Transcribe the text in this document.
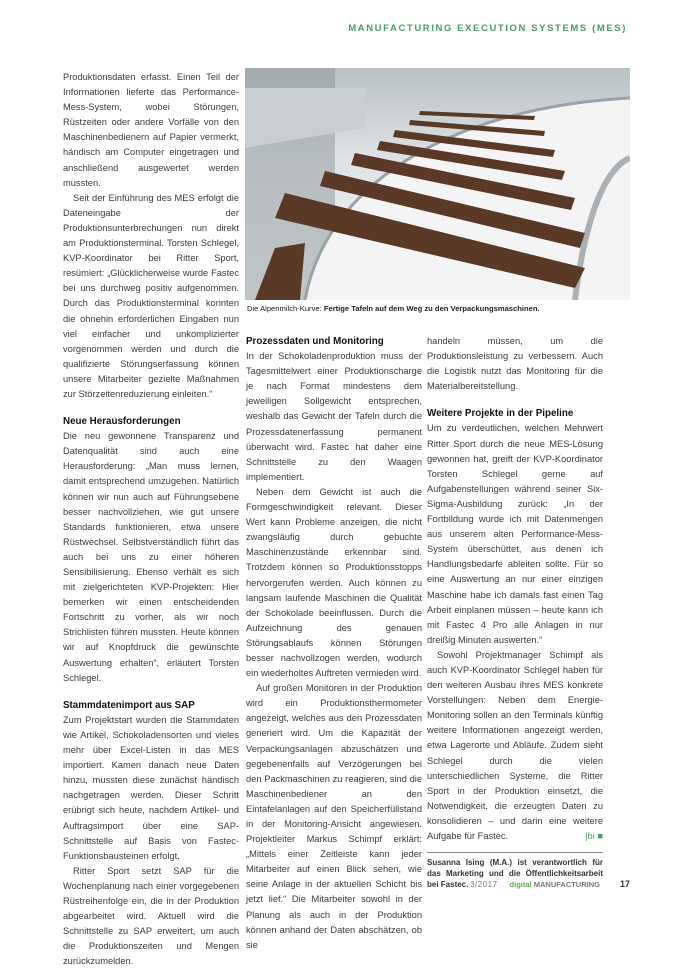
MANUFACTURING EXECUTION SYSTEMS (MES)
Die Alpenmilch-Kurve: Fertige Tafeln auf dem Weg zu den Verpackungsmaschinen.

Produktionsdaten erfasst. Einen Teil der Informationen lieferte das Performance-Mess-System, wobei Störungen, Rüstzeiten oder andere Vorfälle von den Maschinenbedienern auf Papier vermerkt, händisch am Computer eingetragen und anschließend ausgewertet werden mussten.

Seit der Einführung des MES erfolgt die Dateneingabe der Produktionsunterbrechungen nun direkt am Produktionsterminal. Torsten Schlegel, KVP-Koordinator bei Ritter Sport, resümiert: „Glücklicherweise wurde Fastec bei uns durchweg positiv aufgenommen. Durch das Produktionsterminal konnten die ohnehin erforderlichen Eingaben nun viel einfacher und unkomplizierter vorgenommen werden und durch die qualifizierte Störungserfassung können unsere Mitarbeiter gezielte Maßnahmen zur Störzeitenreduzierung einleiten.“

Neue Herausforderungen

Die neu gewonnene Transparenz und Datenqualität sind auch eine Herausforderung: „Man muss lernen, damit entsprechend umzugehen. Natürlich können wir nun auch auf Führungsebene besser nachvollziehen, wie gut unsere Standards funktionieren, etwa unsere Rüstwechsel. Selbstverständlich führt das auch bei uns zu einer höheren Sensibilisierung. Ebenso verhält es sich mit zielgerichteten KVP-Projekten: Hier bemerken wir einen entscheidenden Fortschritt zu vorher, als wir noch Strichlisten führen mussten. Heute können wir auf Knopfdruck die gewünschte Auswertung erhalten“, erläutert Torsten Schlegel.

Stammdatenimport aus SAP

Zum Projektstart wurden die Stammdaten wie Artikel, Schokoladensorten und vieles mehr über Excel-Listen in das MES importiert. Kamen danach neue Daten hinzu, mussten diese zunächst händisch nachgetragen werden. Dieser Schritt erübrigt sich heute, nachdem Artikel- und Auftragsimport über eine SAP-Schnittstelle auf Basis von Fastec-Funktionsbausteinen erfolgt.

Ritter Sport setzt SAP für die Wochenplanung nach einer vorgegebenen Rüstreihenfolge ein, die in der Produktion abgearbeitet wird. Aktuell wird die Schnittstelle zu SAP erweitert, um auch die Produktionszeiten und Mengen zurückzumelden.

Prozessdaten und Monitoring

In der Schokoladenproduktion muss der Tagesmittelwert einer Produktionscharge je nach Format mindestens dem jeweiligen Sollgewicht entsprechen, weshalb das Gewicht der Tafeln durch die Prozessdatenerfassung permanent überwacht wird. Fastec hat daher eine Schnittstelle zu den Waagen implementiert.

Neben dem Gewicht ist auch die Formgeschwindigkeit relevant. Dieser Wert kann Probleme anzeigen, die nicht zwangsläufig durch gebuchte Maschinenzustände erkennbar sind. Trotzdem können so Produktionsstopps hervorgerufen werden. Auch können zu langsam laufende Maschinen die Qualität der Schokolade beeinflussen. Durch die Aufzeichnung des genauen Störungsablaufs können Störungen besser nachvollzogen werden, wodurch ein wiederholtes Auftreten vermieden wird.

Auf großen Monitoren in der Produktion wird ein Produktionsthermometer angezeigt, welches aus den Prozessdaten generiert wird. Um die Kapazität der Verpackungsanlagen abzuschätzen und gegebenenfalls auf Verzögerungen bei den Packmaschinen zu reagieren, sind die Maschinenbediener an den Eintafelanlagen auf den Speicherfüllstand in der Monitoring-Ansicht angewiesen. Projektleiter Markus Schimpf erklärt: „Mittels einer Zeitleiste kann jeder Mitarbeiter auf einen Blick sehen, wie seine Anlage in der aktuellen Schicht bis jetzt lief.“ Die Mitarbeiter sowohl in der Planung als auch in der Produktion können anhand der Daten abschätzen, ob sie

handeln müssen, um die Produktionsleistung zu verbessern. Auch die Logistik nutzt das Monitoring für die Materialbereitstellung.

Weitere Projekte in der Pipeline

Um zu verdeutlichen, welchen Mehrwert Ritter Sport durch die neue MES-Lösung gewonnen hat, greift der KVP-Koordinator Torsten Schlegel gerne auf Aufgabenstellungen während seiner Six-Sigma-Ausbildung zurück: „In der Fortbildung wurde ich mit Datenmengen aus unserem alten Performance-Mess-System überschüttet, aus denen ich Handlungsbedarfe ableiten sollte. Für so eine Auswertung an nur einer einzigen Maschine habe ich damals fast einen Tag Arbeit einplanen müssen – heute kann ich mit Fastec 4 Pro alle Anlagen in nur dreißig Minuten auswerten.“

Sowohl Projektmanager Schimpf als auch KVP-Koordinator Schlegel haben für den weiteren Ausbau ihres MES konkrete Vorstellungen: Neben dem Energie-Monitoring sollen an den Terminals künftig weitere Informationen angezeigt werden, etwa Lagerorte und Abläufe. Zudem sieht Schlegel durch die vielen unterschiedlichen Systeme, die Ritter Sport in der Produktion einsetzt, die Notwendigkeit, die erzeugten Daten zu konsolidieren – und darin eine weitere Aufgabe für Fastec.	|bi ■

Susanna Ising (M.A.) ist verantwortlich für das Marketing und die Öffentlichkeitsarbeit bei Fastec. 3/2017 digital MANUFACTURING 17
